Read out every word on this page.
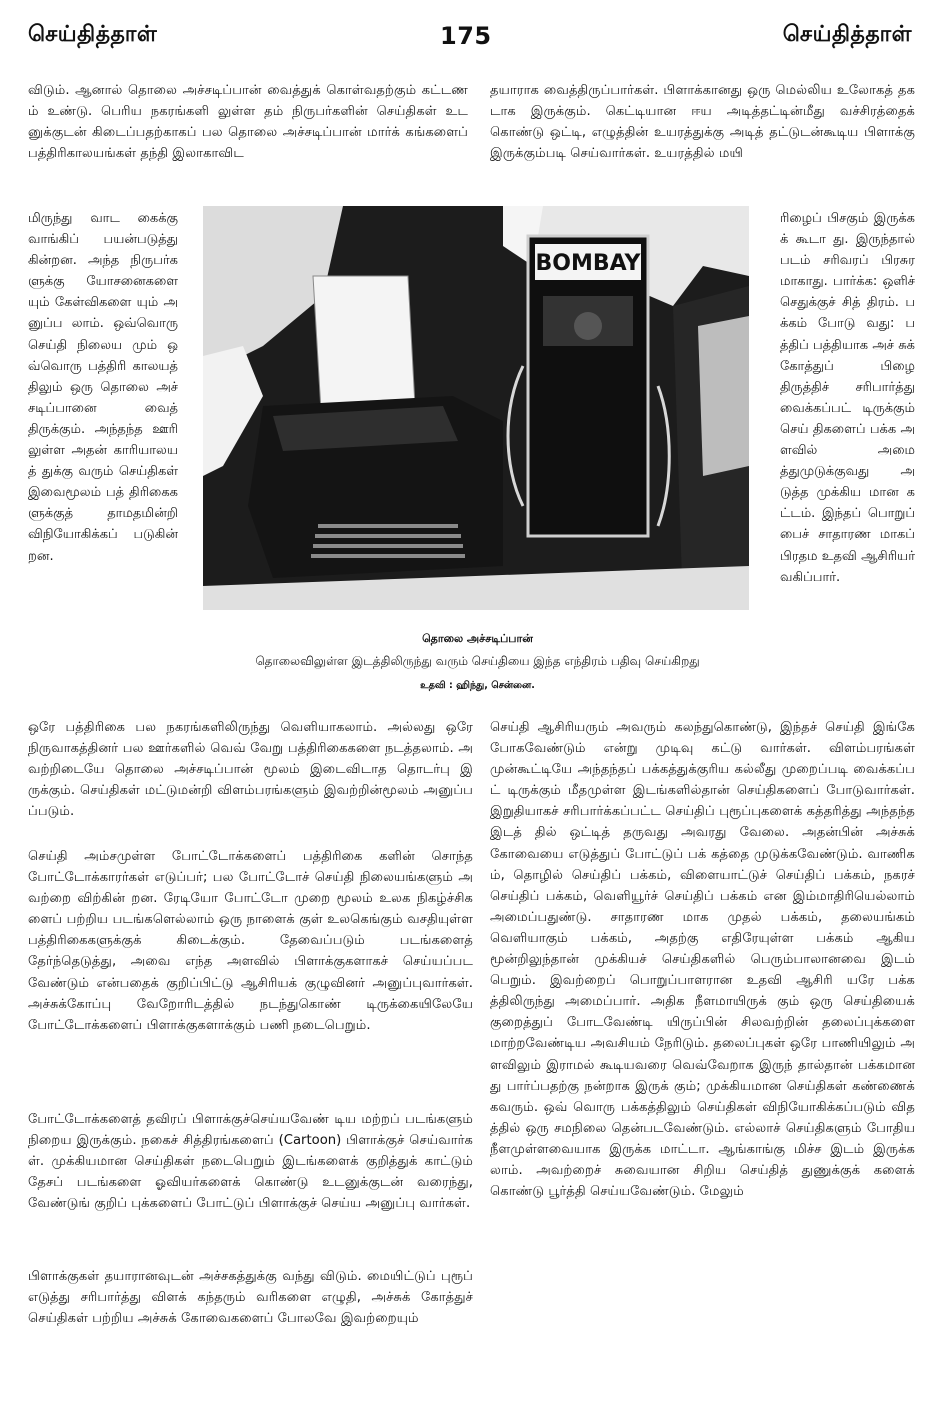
செய்தித்தாள்	175	செய்தித்தாள்

விடும். ஆனால் தொலை அச்சடிப்பான் வைத்துக் கொள்வதற்கும் கட்டணம் உண்டு. பெரிய நகரங்களி லுள்ள தம் நிருபர்களின் செய்திகள் உடனுக்குடன் கிடைப்பதற்காகப் பல தொலை அச்சடிப்பான் மார்க் கங்களைப் பத்திரிகாலயங்கள் தந்தி இலாகாவிட

மிருந்து வாட கைக்கு வாங்கிப் பயன்படுத்து கின்றன. அந்த நிருபர்களுக்கு யோசனைகளை யும் கேள்விகளை யும் அனுப்ப லாம். ஒவ்வொரு செய்தி நிலைய மும் ஒவ்வொரு பத்திரி காலயத் திலும் ஒரு தொலை அச் சடிப்பானை வைத் திருக்கும். அந்தந்த ஊரி லுள்ள அதன் காரியாலயத் துக்கு வரும் செய்திகள் இவைமூலம் பத் திரிகைகளுக்குத் தாமதமின்றி விநியோகிக்கப் படுகின் றன.

ஒரே பத்திரிகை பல நகரங்களிலிருந்து வெளியாகலாம். அல்லது ஒரே நிருவாகத்தினர் பல ஊர்களில் வெவ் வேறு பத்திரிகைகளை நடத்தலாம். அவற்றிடையே தொலை அச்சடிப்பான் மூலம் இடைவிடாத தொடர்பு இருக்கும். செய்திகள் மட்டுமன்றி விளம்பரங்களும் இவற்றின்மூலம் அனுப்பப்படும்.

செய்தி அம்சமுள்ள போட்டோக்களைப் பத்திரிகை களின் சொந்த போட்டோக்காரர்கள் எடுப்பர்; பல போட்டோச் செய்தி நிலையங்களும் அவற்றை விற்கின் றன. ரேடியோ போட்டோ முறை மூலம் உலக நிகழ்ச்சிகளைப் பற்றிய படங்களெல்லாம் ஒரு நாளைக் குள் உலகெங்கும் வசதியுள்ள பத்திரிகைகளுக்குக் கிடைக்கும். தேவைப்படும் படங்களைத் தேர்ந்தெடுத்து, அவை எந்த அளவில் பிளாக்குகளாகச் செய்யப்பட வேண்டும் என்பதைக் குறிப்பிட்டு ஆசிரியக் குழுவினர் அனுப்புவார்கள். அச்சுக்கோப்பு வேறோரிடத்தில் நடந்துகொண் டிருக்கையிலேயே போட்டோக்களைப் பிளாக்குகளாக்கும் பணி நடைபெறும்.

போட்டோக்களைத் தவிரப் பிளாக்குச்செய்யவேண் டிய மற்றப் படங்களும் நிறைய இருக்கும். நகைச் சித்திரங்களைப் (Cartoon) பிளாக்குச் செய்வார்கள். முக்கியமான செய்திகள் நடைபெறும் இடங்களைக் குறித்துக் காட்டும் தேசப் படங்களை ஓவியர்களைக் கொண்டு உடனுக்குடன் வரைந்து, வேண்டுங் குறிப் புக்களைப் போட்டுப் பிளாக்குச் செய்ய அனுப்பு வார்கள்.

பிளாக்குகள் தயாரானவுடன் அச்சகத்துக்கு வந்து விடும். மையிட்டுப் புரூப் எடுத்து சரிபார்த்து விளக் கந்தரும் வரிகளை எழுதி, அச்சுக் கோத்துச் செய்திகள் பற்றிய அச்சுக் கோவைகளைப் போலவே இவற்றையும்

தயாராக வைத்திருப்பார்கள். பிளாக்கானது ஒரு மெல்லிய உலோகத் தகடாக இருக்கும். கெட்டியான ஈய அடித்தட்டின்மீது வச்சிரத்தைக் கொண்டு ஒட்டி, எழுத்தின் உயரத்துக்கு அடித் தட்டுடன்கூடிய பிளாக்கு இருக்கும்படி செய்வார்கள். உயரத்தில் மயி

ரிழைப் பிசகும் இருக்கக் கூடா து. இருந்தால் படம் சரிவரப் பிரசுரமாகாது. பார்க்க: ஒளிச் செதுக்குச் சித் திரம். பக்கம் போடு வது: பத்திப் பத்தியாக அச் சுக் கோத்துப் பிழை திருத்திச் சரிபார்த்து வைக்கப்பட் டிருக்கும் செய் திகளைப் பக்க அளவில் அமை த்துமுடுக்குவது அடுத்த முக்கிய மான கட்டம். இந்தப் பொறுப் பைச் சாதாரண மாகப் பிரதம உதவி ஆசிரியர் வகிப்பார்.

செய்தி ஆசிரியரும் அவரும் கலந்துகொண்டு, இந்தச் செய்தி இங்கே போகவேண்டும் என்று முடிவு கட்டு வார்கள். விளம்பரங்கள் முன்கூட்டியே அந்தந்தப் பக்கத்துக்குரிய கல்லீது முறைப்படி வைக்கப்பட் டிருக்கும் மீதமுள்ள இடங்களில்தான் செய்திகளைப் போடுவார்கள். இறுதியாகச் சரிபார்க்கப்பட்ட செய்திப் புரூப்புகளைக் கத்தரித்து அந்தந்த இடத் தில் ஒட்டித் தருவது அவரது வேலை. அதன்பின் அச்சுக் கோவையை எடுத்துப் போட்டுப் பக் கத்தை முடுக்கவேண்டும். வாணிகம், தொழில் செய்திப் பக்கம், விளையாட்டுச் செய்திப் பக்கம், நகரச் செய்திப் பக்கம், வெளியூர்ச் செய்திப் பக்கம் என இம்மாதிரியெல்லாம் அமைப்பதுண்டு. சாதாரண மாக முதல் பக்கம், தலையங்கம் வெளியாகும் பக்கம், அதற்கு எதிரேயுள்ள பக்கம் ஆகிய மூன்றிலுந்தான் முக்கியச் செய்திகளில் பெரும்பாலானவை இடம் பெறும். இவற்றைப் பொறுப்பாளரான உதவி ஆசிரி யரே பக்கத்திலிருந்து அமைப்பார். அதிக நீளமாயிருக் கும் ஒரு செய்தியைக் குறைத்துப் போடவேண்டி யிருப்பின் சிலவற்றின் தலைப்புக்களை மாற்றவேண்டிய அவசியம் நேரிடும். தலைப்புகள் ஒரே பாணியிலும் அளவிலும் இராமல் கூடியவரை வெவ்வேறாக இருந் தால்தான் பக்கமானது பார்ப்பதற்கு நன்றாக இருக் கும்; முக்கியமான செய்திகள் கண்ணைக் கவரும். ஒவ் வொரு பக்கத்திலும் செய்திகள் விநியோகிக்கப்படும் விதத்தில் ஒரு சமநிலை தென்படவேண்டும். எல்லாச் செய்திகளும் போதிய நீளமுள்ளவையாக இருக்க மாட்டா. ஆங்காங்கு மிச்ச இடம் இருக்கலாம். அவற்றைச் சுவையான சிறிய செய்தித் துணுக்குக் களைக் கொண்டு பூர்த்தி செய்யவேண்டும். மேலும்

BOMBAY
தொலை அச்சடிப்பான்
தொலைவிலுள்ள இடத்திலிருந்து வரும் செய்தியை இந்த எந்திரம் பதிவு செய்கிறது
உதவி : ஹிந்து, சென்னை.
